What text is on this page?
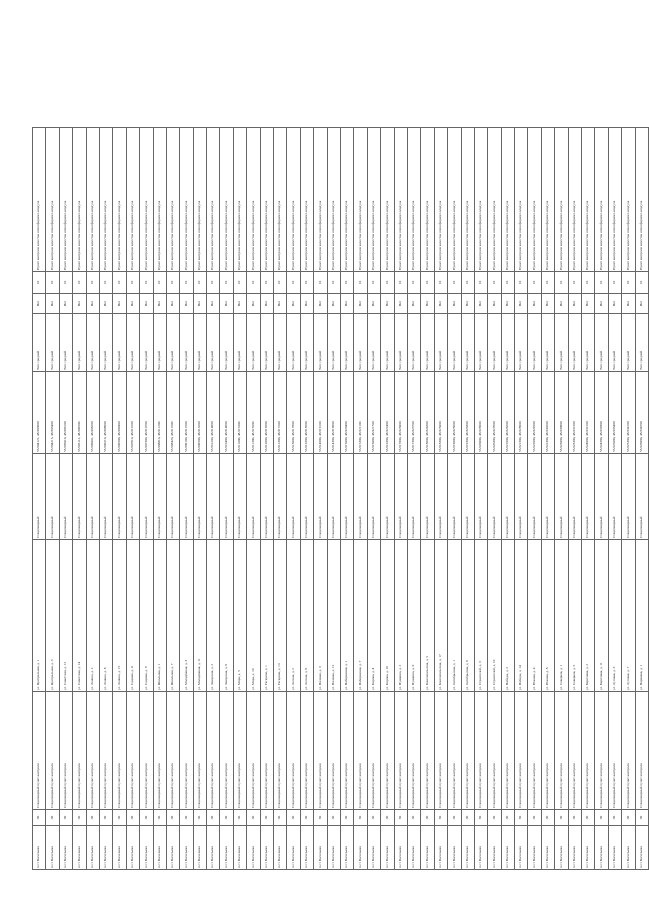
п.г.т Васильево	30	Стационарный пункт контроля	ул. Центральная, д. 1	Стационарный	55.904121, 48.803000	Тип: средний	Нет	10	Пункт контроля качества атмосферного воздуха
п.г.т Васильево	30	Стационарный пункт контроля	ул. Центральная, д. 3	Стационарный	55.904215, 48.803400	Тип: средний	Нет	10	Пункт контроля качества атмосферного воздуха
п.г.т Васильево	30	Стационарный пункт контроля	ул. Советская, д. 12	Стационарный	55.905010, 48.806100	Тип: средний	Нет	10	Пункт контроля качества атмосферного воздуха
п.г.т Васильево	30	Стационарный пункт контроля	ул. Советская, д. 14	Стационарный	55.905112, 48.806500	Тип: средний	Нет	10	Пункт контроля качества атмосферного воздуха
п.г.т Васильево	30	Стационарный пункт контроля	ул. Ленина, д. 2	Стационарный	55.906001, 48.808200	Тип: средний	Нет	10	Пункт контроля качества атмосферного воздуха
п.г.т Васильево	30	Стационарный пункт контроля	ул. Ленина, д. 8	Стационарный	55.906210, 48.808900	Тип: средний	Нет	10	Пункт контроля качества атмосферного воздуха
п.г.т Васильево	30	Стационарный пункт контроля	ул. Ленина, д. 15	Стационарный	55.906500, 48.809400	Тип: средний	Нет	10	Пункт контроля качества атмосферного воздуха
п.г.т Васильево	30	Стационарный пункт контроля	ул. Садовая, д. 4	Стационарный	55.907010, 48.810100	Тип: средний	Нет	10	Пункт контроля качества атмосферного воздуха
п.г.т Васильево	30	Стационарный пункт контроля	ул. Садовая, д. 9	Стационарный	55.907300, 48.810700	Тип: средний	Нет	10	Пункт контроля качества атмосферного воздуха
п.г.т Васильево	30	Стационарный пункт контроля	ул. Школьная, д. 1	Стационарный	55.908010, 48.811200	Тип: средний	Нет	10	Пункт контроля качества атмосферного воздуха
п.г.т Васильево	30	Стационарный пункт контроля	ул. Школьная, д. 7	Стационарный	55.908420, 48.811900	Тип: средний	Нет	10	Пункт контроля качества атмосферного воздуха
п.г.т Васильево	30	Стационарный пункт контроля	ул. Молодёжная, д. 3	Стационарный	55.909100, 48.812500	Тип: средний	Нет	10	Пункт контроля качества атмосферного воздуха
п.г.т Васильево	30	Стационарный пункт контроля	ул. Молодёжная, д. 11	Стационарный	55.909500, 48.813200	Тип: средний	Нет	10	Пункт контроля качества атмосферного воздуха
п.г.т Васильево	30	Стационарный пункт контроля	ул. Заводская, д. 2	Стационарный	55.910100, 48.814000	Тип: средний	Нет	10	Пункт контроля качества атмосферного воздуха
п.г.т Васильево	30	Стационарный пункт контроля	ул. Заводская, д. 6	Стационарный	55.910400, 48.814600	Тип: средний	Нет	10	Пункт контроля качества атмосферного воздуха
п.г.т Васильево	30	Стационарный пункт контроля	ул. Мира, д. 5	Стационарный	55.911000, 48.815300	Тип: средний	Нет	10	Пункт контроля качества атмосферного воздуха
п.г.т Васильево	30	Стационарный пункт контроля	ул. Мира, д. 10	Стационарный	55.911300, 48.815900	Тип: средний	Нет	10	Пункт контроля качества атмосферного воздуха
п.г.т Васильево	30	Стационарный пункт контроля	ул. Гагарина, д. 1	Стационарный	55.912000, 48.816500	Тип: средний	Нет	10	Пункт контроля качества атмосферного воздуха
п.г.т Васильево	30	Стационарный пункт контроля	ул. Гагарина, д. 13	Стационарный	55.912300, 48.817200	Тип: средний	Нет	10	Пункт контроля качества атмосферного воздуха
п.г.т Васильево	30	Стационарный пункт контроля	ул. Лесная, д. 2	Стационарный	55.913000, 48.817800	Тип: средний	Нет	10	Пункт контроля качества атмосферного воздуха
п.г.т Васильево	30	Стационарный пункт контроля	ул. Лесная, д. 8	Стационарный	55.913300, 48.818500	Тип: средний	Нет	10	Пункт контроля качества атмосферного воздуха
п.г.т Васильево	30	Стационарный пункт контроля	ул. Полевая, д. 3	Стационарный	55.914000, 48.819100	Тип: средний	Нет	10	Пункт контроля качества атмосферного воздуха
п.г.т Васильево	30	Стационарный пункт контроля	ул. Полевая, д. 12	Стационарный	55.914300, 48.819800	Тип: средний	Нет	10	Пункт контроля качества атмосферного воздуха
п.г.т Васильево	30	Стационарный пункт контроля	ул. Набережная, д. 1	Стационарный	55.915000, 48.820400	Тип: средний	Нет	10	Пункт контроля качества атмосферного воздуха
п.г.т Васильево	30	Стационарный пункт контроля	ул. Набережная, д. 7	Стационарный	55.915300, 48.821100	Тип: средний	Нет	10	Пункт контроля качества атмосферного воздуха
п.г.т Васильево	30	Стационарный пункт контроля	ул. Кирова, д. 4	Стационарный	55.916000, 48.821700	Тип: средний	Нет	10	Пункт контроля качества атмосферного воздуха
п.г.т Васильево	30	Стационарный пункт контроля	ул. Кирова, д. 16	Стационарный	55.916300, 48.822400	Тип: средний	Нет	10	Пункт контроля качества атмосферного воздуха
п.г.т Васильево	30	Стационарный пункт контроля	ул. Пушкина, д. 2	Стационарный	55.917000, 48.823000	Тип: средний	Нет	10	Пункт контроля качества атмосферного воздуха
п.г.т Васильево	30	Стационарный пункт контроля	ул. Пушкина, д. 9	Стационарный	55.917300, 48.823700	Тип: средний	Нет	10	Пункт контроля качества атмосферного воздуха
п.г.т Васильево	30	Стационарный пункт контроля	ул. Комсомольская, д. 5	Стационарный	55.918000, 48.824300	Тип: средний	Нет	10	Пункт контроля качества атмосферного воздуха
п.г.т Васильево	30	Стационарный пункт контроля	ул. Комсомольская, д. 17	Стационарный	55.918300, 48.825000	Тип: средний	Нет	10	Пункт контроля качества атмосферного воздуха
п.г.т Васильево	30	Стационарный пункт контроля	ул. Октябрьская, д. 1	Стационарный	55.919000, 48.825600	Тип: средний	Нет	10	Пункт контроля качества атмосферного воздуха
п.г.т Васильево	30	Стационарный пункт контроля	ул. Октябрьская, д. 6	Стационарный	55.919300, 48.826300	Тип: средний	Нет	10	Пункт контроля качества атмосферного воздуха
п.г.т Васильево	30	Стационарный пункт контроля	ул. Строителей, д. 3	Стационарный	55.920000, 48.826900	Тип: средний	Нет	10	Пункт контроля качества атмосферного воздуха
п.г.т Васильево	30	Стационарный пункт контроля	ул. Строителей, д. 10	Стационарный	55.920300, 48.827600	Тип: средний	Нет	10	Пункт контроля качества атмосферного воздуха
п.г.т Васильево	30	Стационарный пункт контроля	ул. Победы, д. 2	Стационарный	55.921000, 48.828200	Тип: средний	Нет	10	Пункт контроля качества атмосферного воздуха
п.г.т Васильево	30	Стационарный пункт контроля	ул. Победы, д. 14	Стационарный	55.921300, 48.828900	Тип: средний	Нет	10	Пункт контроля качества атмосферного воздуха
п.г.т Васильево	30	Стационарный пункт контроля	ул. Южная, д. 4	Стационарный	55.922000, 48.829500	Тип: средний	Нет	10	Пункт контроля качества атмосферного воздуха
п.г.т Васильево	30	Стационарный пункт контроля	ул. Южная, д. 8	Стационарный	55.922300, 48.830200	Тип: средний	Нет	10	Пункт контроля качества атмосферного воздуха
п.г.т Васильево	30	Стационарный пункт контроля	ул. Северная, д. 1	Стационарный	55.923000, 48.830800	Тип: средний	Нет	10	Пункт контроля качества атмосферного воздуха
п.г.т Васильево	30	Стационарный пункт контроля	ул. Северная, д. 5	Стационарный	55.923300, 48.831500	Тип: средний	Нет	10	Пункт контроля качества атмосферного воздуха
п.г.т Васильево	30	Стационарный пункт контроля	ул. Береговая, д. 2	Стационарный	55.924000, 48.832100	Тип: средний	Нет	10	Пункт контроля качества атмосферного воздуха
п.г.т Васильево	30	Стационарный пункт контроля	ул. Береговая, д. 11	Стационарный	55.924300, 48.832800	Тип: средний	Нет	10	Пункт контроля качества атмосферного воздуха
п.г.т Васильево	30	Стационарный пункт контроля	ул. Луговая, д. 3	Стационарный	55.925000, 48.833400	Тип: средний	Нет	10	Пункт контроля качества атмосферного воздуха
п.г.т Васильево	30	Стационарный пункт контроля	ул. Луговая, д. 7	Стационарный	55.925300, 48.834100	Тип: средний	Нет	10	Пункт контроля качества атмосферного воздуха
п.г.т Васильево	30	Стационарный пункт контроля	ул. Парковая, д. 1	Стационарный	55.926000, 48.834700	Тип: средний	Нет	10	Пункт контроля качества атмосферного воздуха
